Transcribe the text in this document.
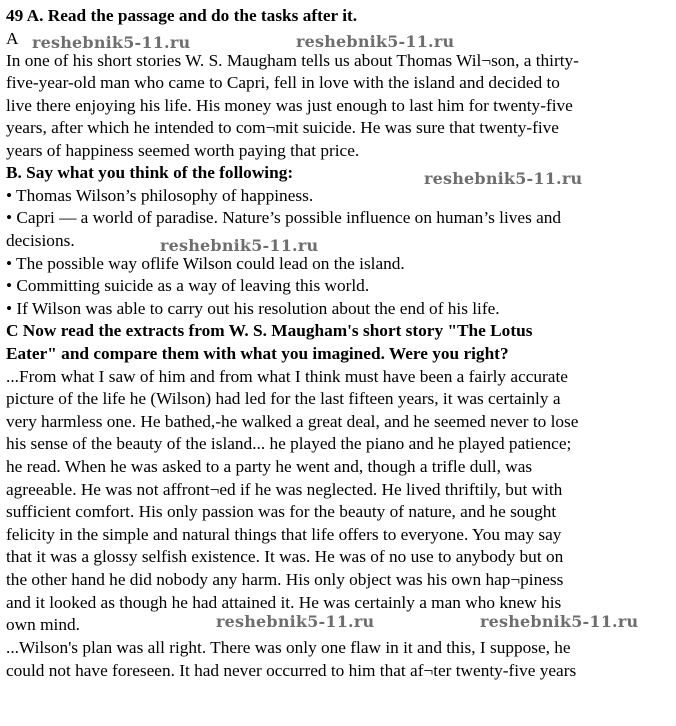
49 A. Read the passage and do the tasks after it.
A
In one of his short stories W. S. Maugham tells us about Thomas Wil¬son, a thirty-
five-year-old man who came to Capri, fell in love with the island and decided to
live there enjoying his life. His money was just enough to last him for twenty-five
years, after which he intended to com¬mit suicide. He was sure that twenty-five
years of happiness seemed worth paying that price.
B. Say what you think of the following:
• Thomas Wilson’s philosophy of happiness.
• Capri — a world of paradise. Nature’s possible influence on human’s lives and
decisions.
• The possible way oflife Wilson could lead on the island.
• Committing suicide as a way of leaving this world.
• If Wilson was able to carry out his resolution about the end of his life.
C Now read the extracts from W. S. Maugham's short story "The Lotus
Eater" and compare them with what you imagined. Were you right?
...From what I saw of him and from what I think must have been a fairly accurate
picture of the life he (Wilson) had led for the last fifteen years, it was certainly a
very harmless one. He bathed,-he walked a great deal, and he seemed never to lose
his sense of the beauty of the island... he played the piano and he played patience;
he read. When he was asked to a party he went and, though a trifle dull, was
agreeable. He was not affront¬ed if he was neglected. He lived thriftily, but with
sufficient comfort. His only passion was for the beauty of nature, and he sought
felicity in the simple and natural things that life offers to everyone. You may say
that it was a glossy selfish existence. It was. He was of no use to anybody but on
the other hand he did nobody any harm. His only object was his own hap¬piness
and it looked as though he had attained it. He was certainly a man who knew his
own mind.
...Wilson's plan was all right. There was only one flaw in it and this, I suppose, he
could not have foreseen. It had never occurred to him that af¬ter twenty-five years
reshebnik5-11.ru	reshebnik5-11.ru
reshebnik5-11.ru
reshebnik5-11.ru
reshebnik5-11.ru	reshebnik5-11.ru
